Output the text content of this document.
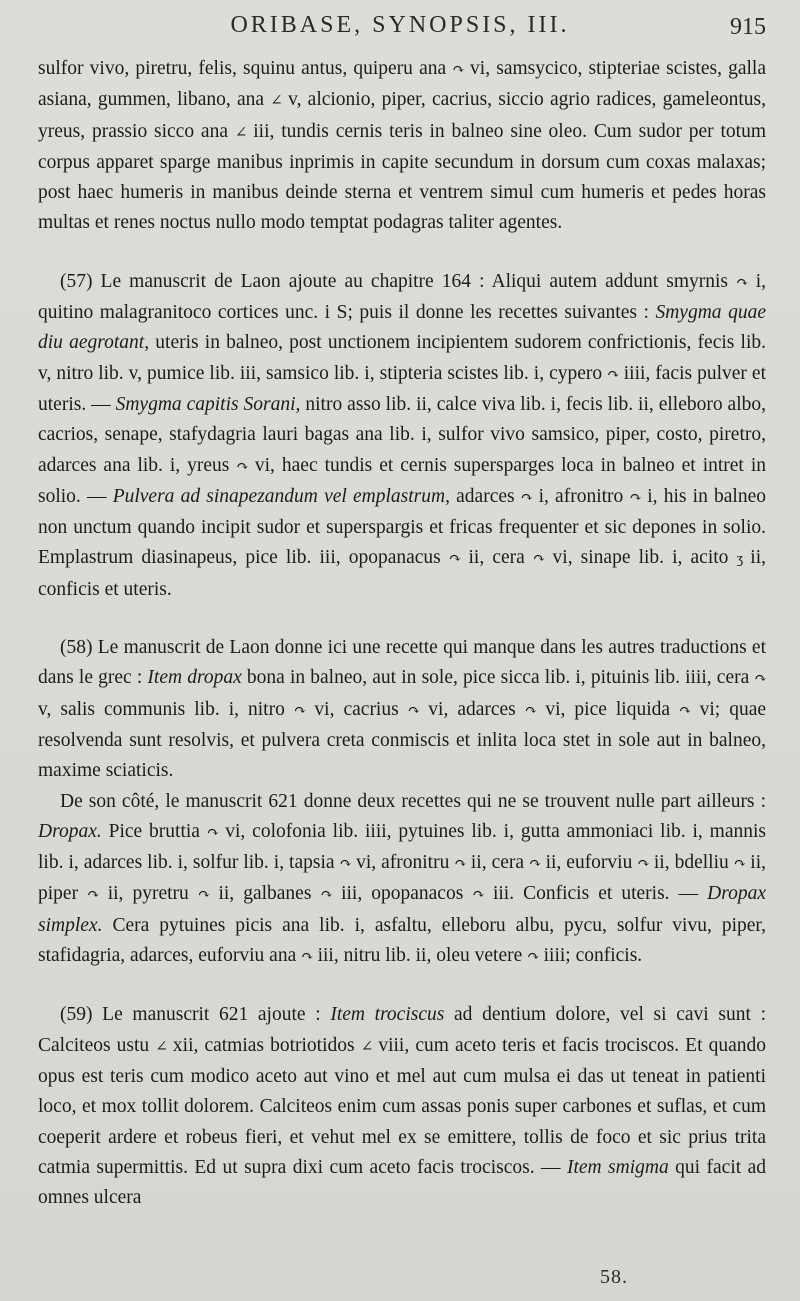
ORIBASE, SYNOPSIS, III.	915

sulfor vivo, piretru, felis, squinu antus, quiperu ana ↷ vi, samsycico, stipteriae scistes, galla asiana, gummen, libano, ana ∠ v, alcionio, piper, cacrius, siccio agrio radices, gameleontus, yreus, prassio sicco ana ∠ iii, tundis cernis teris in balneo sine oleo. Cum sudor per totum corpus apparet sparge manibus inprimis in capite secundum in dorsum cum coxas malaxas; post haec humeris in manibus deinde sterna et ventrem simul cum humeris et pedes horas multas et renes noctus nullo modo temptat podagras taliter agentes.

(57) Le manuscrit de Laon ajoute au chapitre 164 : Aliqui autem addunt smyrnis ↷ i, quitino malagranitoco cortices unc. i S; puis il donne les recettes suivantes : Smygma quae diu aegrotant, uteris in balneo, post unctionem incipientem sudorem confrictionis, fecis lib. v, nitro lib. v, pumice lib. iii, samsico lib. i, stipteria scistes lib. i, cypero ↷ iiii, facis pulver et uteris. — Smygma capitis Sorani, nitro asso lib. ii, calce viva lib. i, fecis lib. ii, elleboro albo, cacrios, senape, stafydagria lauri bagas ana lib. i, sulfor vivo samsico, piper, costo, piretro, adarces ana lib. i, yreus ↷ vi, haec tundis et cernis supersparges loca in balneo et intret in solio. — Pulvera ad sinapezandum vel emplastrum, adarces ↷ i, afronitro ↷ i, his in balneo non unctum quando incipit sudor et superspargis et fricas frequenter et sic depones in solio. Emplastrum diasinapeus, pice lib. iii, opopanacus ↷ ii, cera ↷ vi, sinape lib. i, acito ʒ ii, conficis et uteris.

(58) Le manuscrit de Laon donne ici une recette qui manque dans les autres traductions et dans le grec : Item dropax bona in balneo, aut in sole, pice sicca lib. i, pituinis lib. iiii, cera ↷ v, salis communis lib. i, nitro ↷ vi, cacrius ↷ vi, adarces ↷ vi, pice liquida ↷ vi; quae resolvenda sunt resolvis, et pulvera creta conmiscis et inlita loca stet in sole aut in balneo, maxime sciaticis.

De son côté, le manuscrit 621 donne deux recettes qui ne se trouvent nulle part ailleurs : Dropax. Pice bruttia ↷ vi, colofonia lib. iiii, pytuines lib. i, gutta ammoniaci lib. i, mannis lib. i, adarces lib. i, solfur lib. i, tapsia ↷ vi, afronitru ↷ ii, cera ↷ ii, euforviu ↷ ii, bdelliu ↷ ii, piper ↷ ii, pyretru ↷ ii, galbanes ↷ iii, opopanacos ↷ iii. Conficis et uteris. — Dropax simplex. Cera pytuines picis ana lib. i, asfaltu, elleboru albu, pycu, solfur vivu, piper, stafidagria, adarces, euforviu ana ↷ iii, nitru lib. ii, oleu vetere ↷ iiii; conficis.

(59) Le manuscrit 621 ajoute : Item trociscus ad dentium dolore, vel si cavi sunt : Calciteos ustu ∠ xii, catmias botriotidos ∠ viii, cum aceto teris et facis trociscos. Et quando opus est teris cum modico aceto aut vino et mel aut cum mulsa ei das ut teneat in patienti loco, et mox tollit dolorem. Calciteos enim cum assas ponis super carbones et suflas, et cum coeperit ardere et robeus fieri, et vehut mel ex se emittere, tollis de foco et sic prius trita catmia supermittis. Ed ut supra dixi cum aceto facis trociscos. — Item smigma qui facit ad omnes ulcera

58.
